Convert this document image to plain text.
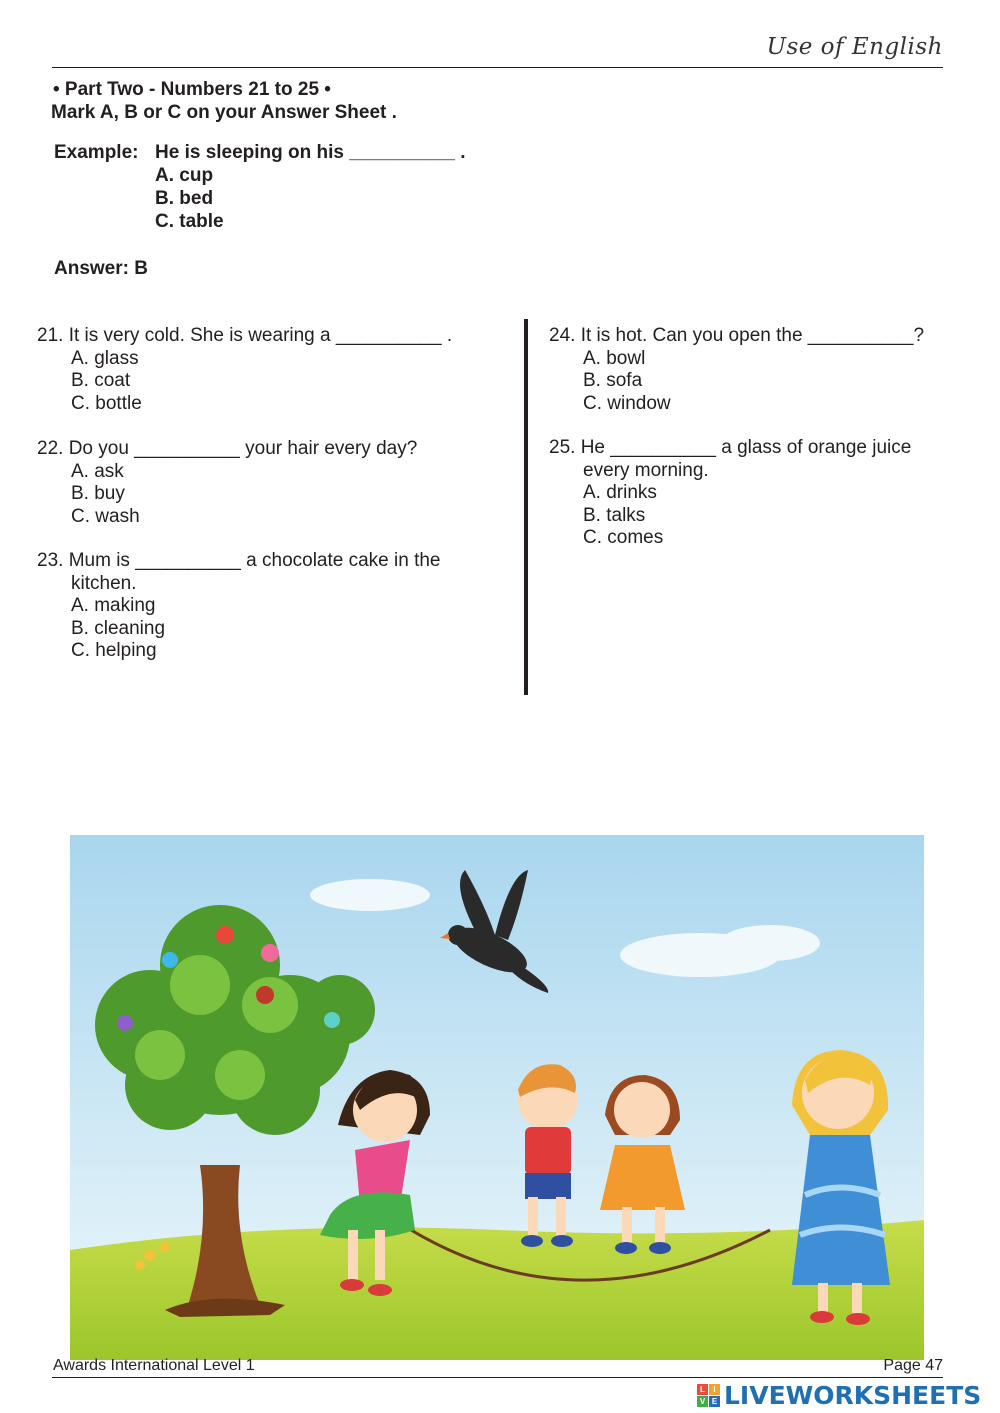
Use of English
• Part Two - Numbers 21 to 25 •
Mark A, B or C on your Answer Sheet .
Example: He is sleeping on his __________ .
A. cup
B. bed
C. table
Answer: B
21. It is very cold. She is wearing a __________ .
A. glass
B. coat
C. bottle
22. Do you __________ your hair every day?
A. ask
B. buy
C. wash
23. Mum is __________ a chocolate cake in the
kitchen.
A. making
B. cleaning
C. helping
24. It is hot. Can you open the __________?
A. bowl
B. sofa
C. window
25. He __________ a glass of orange juice
every morning.
A. drinks
B. talks
C. comes
Awards International Level 1	Page 47
L	I
V E LIVEWORKSHEETS
